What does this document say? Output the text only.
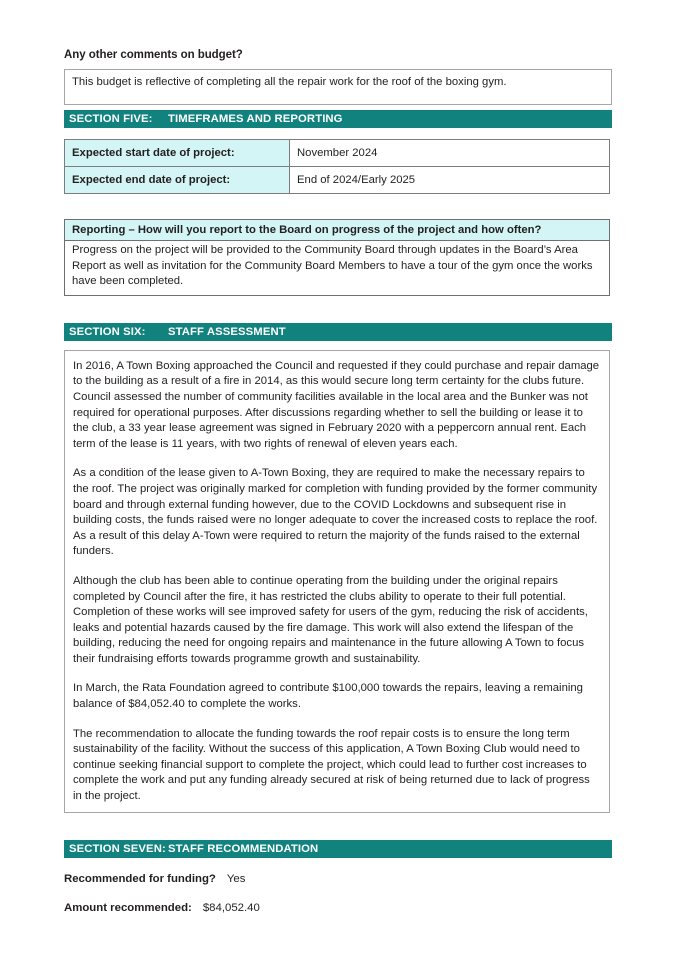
Any other comments on budget?

This budget is reflective of completing all the repair work for the roof of the boxing gym.

SECTION FIVE:	TIMEFRAMES AND REPORTING
Expected start date of project:	November 2024
Expected end date of project:	End of 2024/Early 2025
Reporting – How will you report to the Board on progress of the project and how often?

Progress on the project will be provided to the Community Board through updates in the Board’s Area Report as well as invitation for the Community Board Members to have a tour of the gym once the works have been completed.

SECTION SIX:	STAFF ASSESSMENT

In 2016, A Town Boxing approached the Council and requested if they could purchase and repair damage to the building as a result of a fire in 2014, as this would secure long term certainty for the clubs future. Council assessed the number of community facilities available in the local area and the Bunker was not required for operational purposes. After discussions regarding whether to sell the building or lease it to the club, a 33 year lease agreement was signed in February 2020 with a peppercorn annual rent. Each term of the lease is 11 years, with two rights of renewal of eleven years each.

As a condition of the lease given to A-Town Boxing, they are required to make the necessary repairs to the roof. The project was originally marked for completion with funding provided by the former community board and through external funding however, due to the COVID Lockdowns and subsequent rise in building costs, the funds raised were no longer adequate to cover the increased costs to replace the roof. As a result of this delay A-Town were required to return the majority of the funds raised to the external funders.

Although the club has been able to continue operating from the building under the original repairs completed by Council after the fire, it has restricted the clubs ability to operate to their full potential. Completion of these works will see improved safety for users of the gym, reducing the risk of accidents, leaks and potential hazards caused by the fire damage. This work will also extend the lifespan of the building, reducing the need for ongoing repairs and maintenance in the future allowing A Town to focus their fundraising efforts towards programme growth and sustainability.

In March, the Rata Foundation agreed to contribute $100,000 towards the repairs, leaving a remaining balance of $84,052.40 to complete the works.

The recommendation to allocate the funding towards the roof repair costs is to ensure the long term sustainability of the facility. Without the success of this application, A Town Boxing Club would need to continue seeking financial support to complete the project, which could lead to further cost increases to complete the work and put any funding already secured at risk of being returned due to lack of progress in the project.

SECTION SEVEN: STAFF RECOMMENDATION
Recommended for funding? Yes
Amount recommended: $84,052.40
